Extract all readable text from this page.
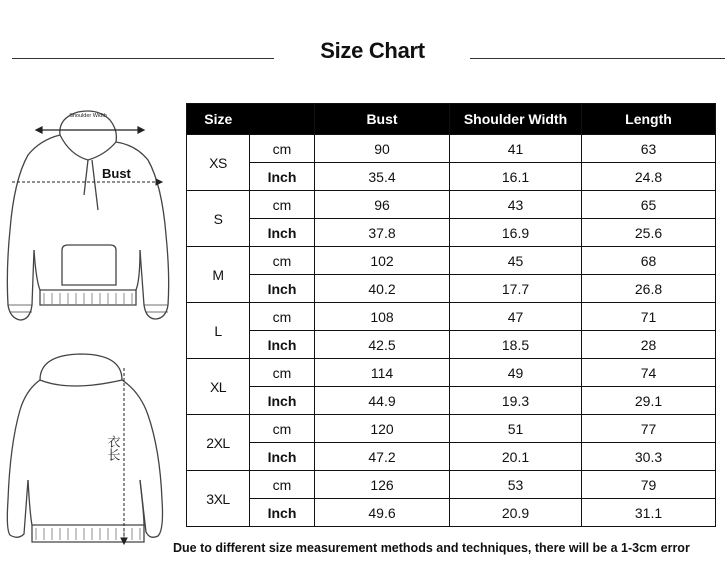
Size Chart
Shoulder Width
Bust
衣长
Size		Bust	Shoulder Width	Length
XS	cm	90	41	63
	Inch	35.4	16.1	24.8
S	cm	96	43	65
	Inch	37.8	16.9	25.6
M	cm	102	45	68
	Inch	40.2	17.7	26.8
L	cm	108	47	71
	Inch	42.5	18.5	28
XL	cm	114	49	74
	Inch	44.9	19.3	29.1
2XL	cm	120	51	77
	Inch	47.2	20.1	30.3
3XL	cm	126	53	79
	Inch	49.6	20.9	31.1
Due to different size measurement methods and techniques, there will be a 1-3cm error
